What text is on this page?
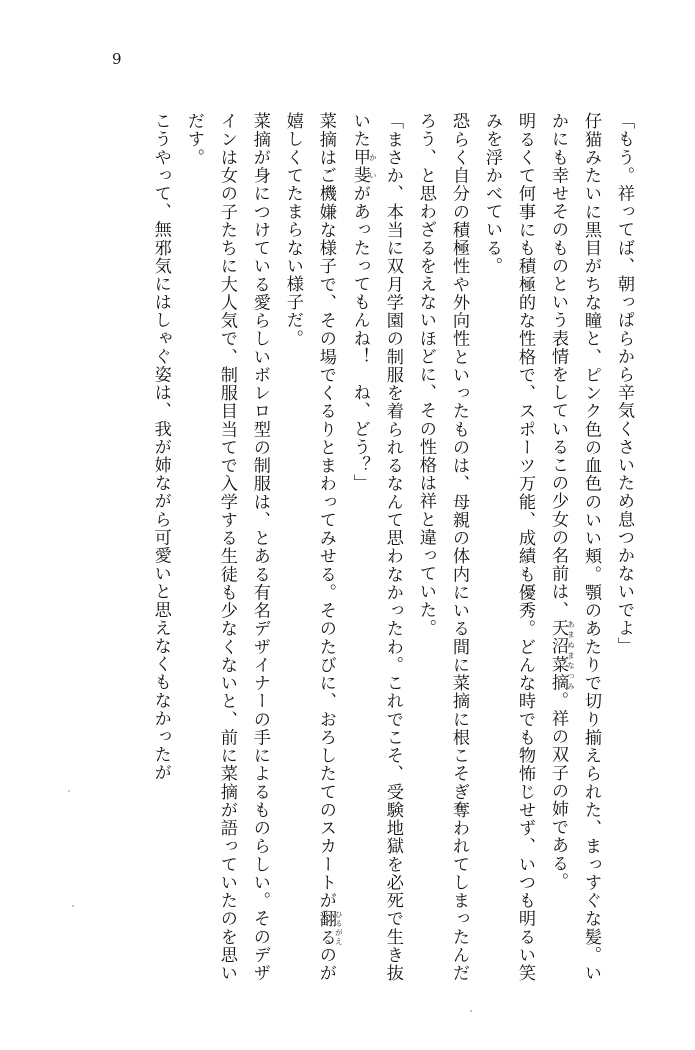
9

「もう。祥ってば、朝っぱらから辛気くさいため息つかないでよ」

仔猫みたいに黒目がちな瞳と、ピンク色の血色のいい頬。顎のあたりで切り揃えられた、まっすぐな髪。いかにも幸せそのものという表情をしているこの少女の名前は、天沼菜摘あまぬまなつみ。祥の双子の姉である。

明るくて何事にも積極的な性格で、スポーツ万能、成績も優秀。どんな時でも物怖じせず、いつも明るい笑みを浮かべている。

恐らく自分の積極性や外向性といったものは、母親の体内にいる間に菜摘に根こそぎ奪われてしまったんだろう、と思わざるをえないほどに、その性格は祥と違っていた。

「まさか、本当に双月学園の制服を着られるなんて思わなかったわ。これでこそ、受験地獄を必死で生き抜いた甲斐かいがあったってもんね！　ね、どう？」

菜摘はご機嫌な様子で、その場でくるりとまわってみせる。そのたびに、おろしたてのスカートが翻るひるがえのが嬉しくてたまらない様子だ。

菜摘が身につけている愛らしいボレロ型の制服は、とある有名デザイナーの手によるものらしい。そのデザインは女の子たちに大人気で、制服目当てで入学する生徒も少なくないと、前に菜摘が語っていたのを思いだす。

こうやって、無邪気にはしゃぐ姿は、我が姉ながら可愛いと思えなくもなかったが
